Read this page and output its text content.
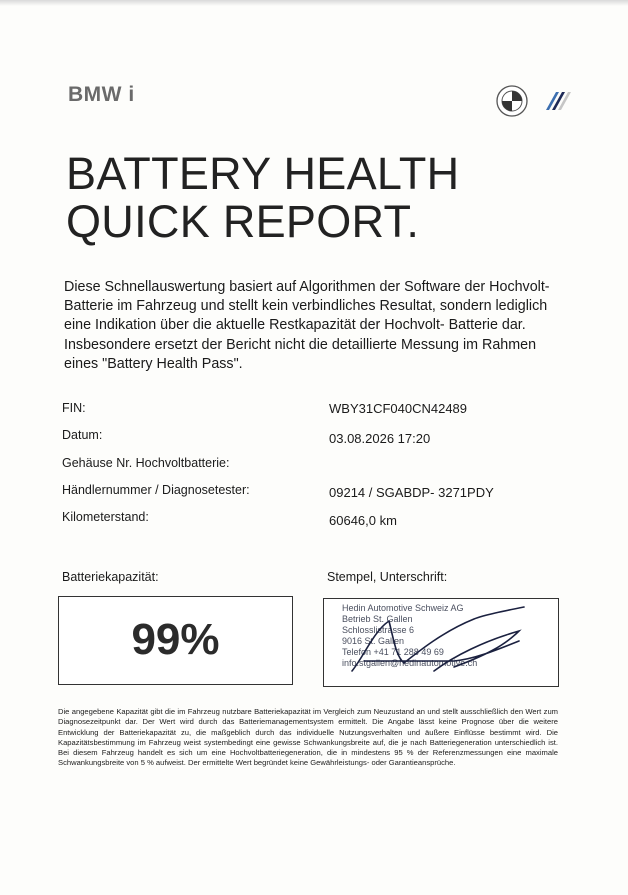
BMW i
BATTERY HEALTH
QUICK REPORT.
Diese Schnellauswertung basiert auf Algorithmen der Software der Hochvolt- Batterie im Fahrzeug und stellt kein verbindliches Resultat, sondern lediglich eine Indikation über die aktuelle Restkapazität der Hochvolt- Batterie dar. Insbesondere ersetzt der Bericht nicht die detaillierte Messung im Rahmen eines "Battery Health Pass".
FIN:	WBY31CF040CN42489
Datum:	03.08.2026 17:20
Gehäuse Nr. Hochvoltbatterie:
Händlernummer / Diagnosetester:	09214 / SGABDP- 3271PDY
Kilometerstand:	60646,0 km
Batteriekapazität:	Stempel, Unterschrift:
99%
Hedin Automotive Schweiz AG
Betrieb St. Gallen
Schlosslistrasse 6
9016 St. Gallen
Telefon +41 71 288 49 69
info.stgallen@hedinautomotive.ch
Die angegebene Kapazität gibt die im Fahrzeug nutzbare Batteriekapazität im Vergleich zum Neuzustand an und stellt ausschließlich den Wert zum Diagnosezeitpunkt dar. Der Wert wird durch das Batteriemanagementsystem ermittelt. Die Angabe lässt keine Prognose über die weitere Entwicklung der Batteriekapazität zu, die maßgeblich durch das individuelle Nutzungsverhalten und äußere Einflüsse bestimmt wird. Die Kapazitätsbestimmung im Fahrzeug weist systembedingt eine gewisse Schwankungsbreite auf, die je nach Batteriegeneration unterschiedlich ist. Bei diesem Fahrzeug handelt es sich um eine Hochvoltbatteriegeneration, die in mindestens 95 % der Referenzmessungen eine maximale Schwankungsbreite von 5 % aufweist. Der ermittelte Wert begründet keine Gewährleistungs- oder Garantieansprüche.
